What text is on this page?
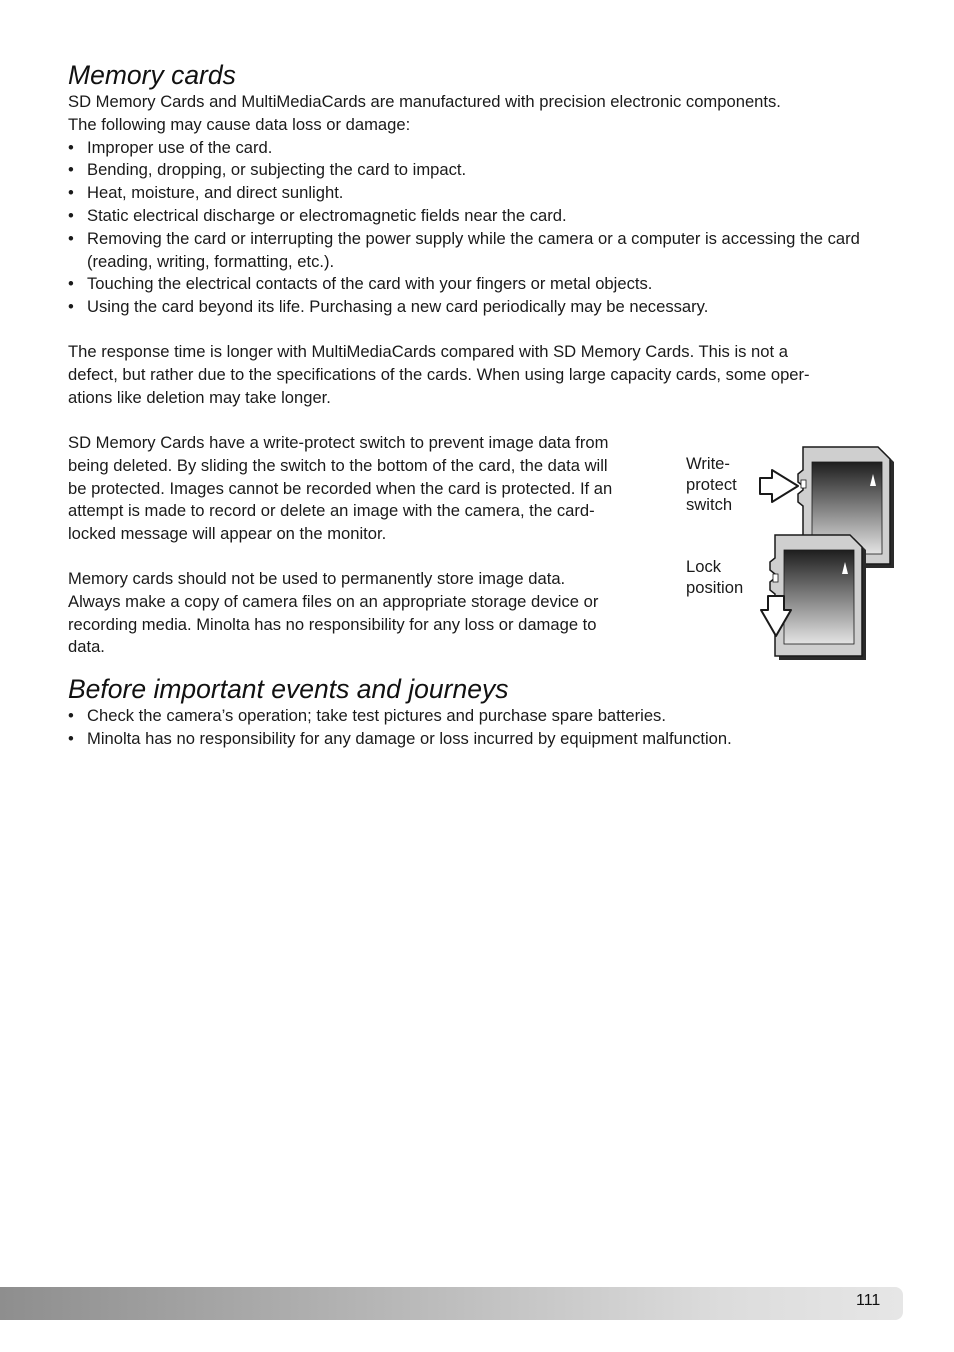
Memory cards

SD Memory Cards and MultiMediaCards are manufactured with precision electronic components.

The following may cause data loss or damage:

• Improper use of the card.
• Bending, dropping, or subjecting the card to impact.
• Heat, moisture, and direct sunlight.
• Static electrical discharge or electromagnetic fields near the card.
• Removing the card or interrupting the power supply while the camera or a computer is accessing the card (reading, writing, formatting, etc.).
• Touching the electrical contacts of the card with your fingers or metal objects.
• Using the card beyond its life. Purchasing a new card periodically may be necessary.

The response time is longer with MultiMediaCards compared with SD Memory Cards. This is not a

defect, but rather due to the specifications of the cards. When using large capacity cards, some oper-

ations like deletion may take longer.

SD Memory Cards have a write-protect switch to prevent image data from

being deleted. By sliding the switch to the bottom of the card, the data will

be protected. Images cannot be recorded when the card is protected. If an

attempt is made to record or delete an image with the camera, the card-

locked message will appear on the monitor.

Memory cards should not be used to permanently store image data.

Always make a copy of camera files on an appropriate storage device or

recording media. Minolta has no responsibility for any loss or damage to

data.

Write-
protect
switch
Lock
position
Before important events and journeys
• Check the camera’s operation; take test pictures and purchase spare batteries.
• Minolta has no responsibility for any damage or loss incurred by equipment malfunction.
111
